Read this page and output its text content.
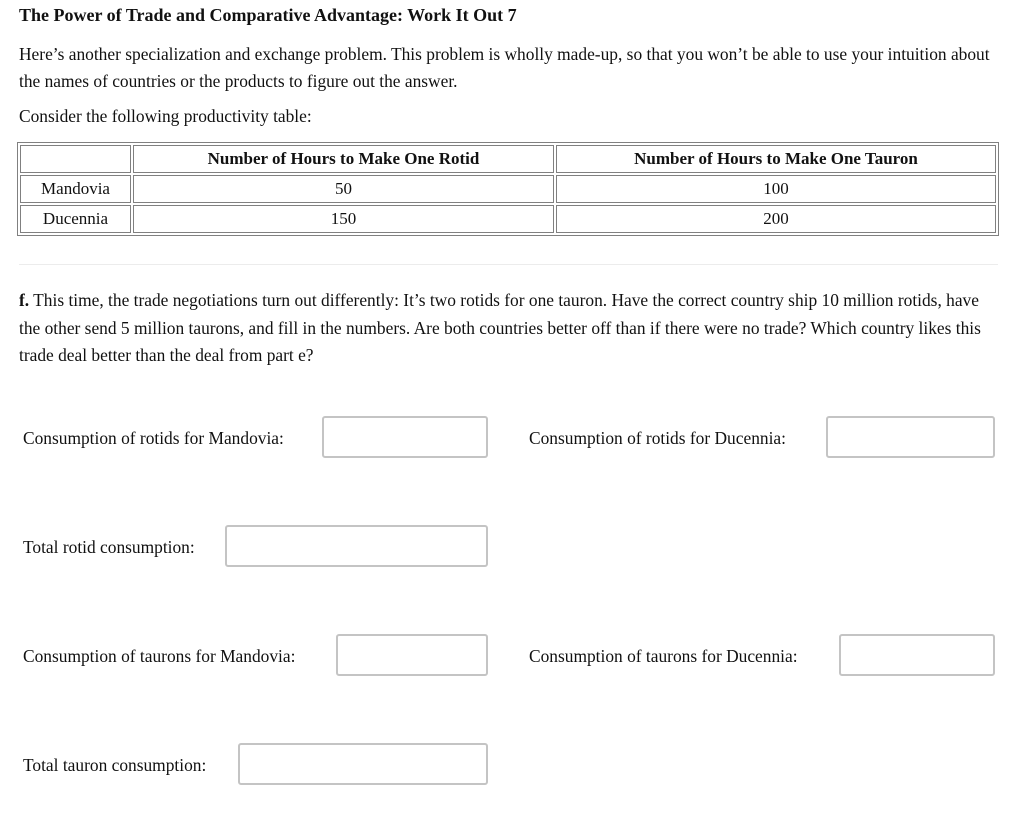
The Power of Trade and Comparative Advantage: Work It Out 7

Here’s another specialization and exchange problem. This problem is wholly made-up, so that you won’t be able to use your intuition about the names of countries or the products to figure out the answer.

Consider the following productivity table:

	Number of Hours to Make One Rotid	Number of Hours to Make One Tauron
Mandovia	50	100
Ducennia	150	200

f. This time, the trade negotiations turn out differently: It’s two rotids for one tauron. Have the correct country ship 10 million rotids, have the other send 5 million taurons, and fill in the numbers. Are both countries better off than if there were no trade? Which country likes this trade deal better than the deal from part e?

Consumption of rotids for Mandovia:	Consumption of rotids for Ducennia:
Total rotid consumption:
Consumption of taurons for Mandovia:	Consumption of taurons for Ducennia:
Total tauron consumption:
